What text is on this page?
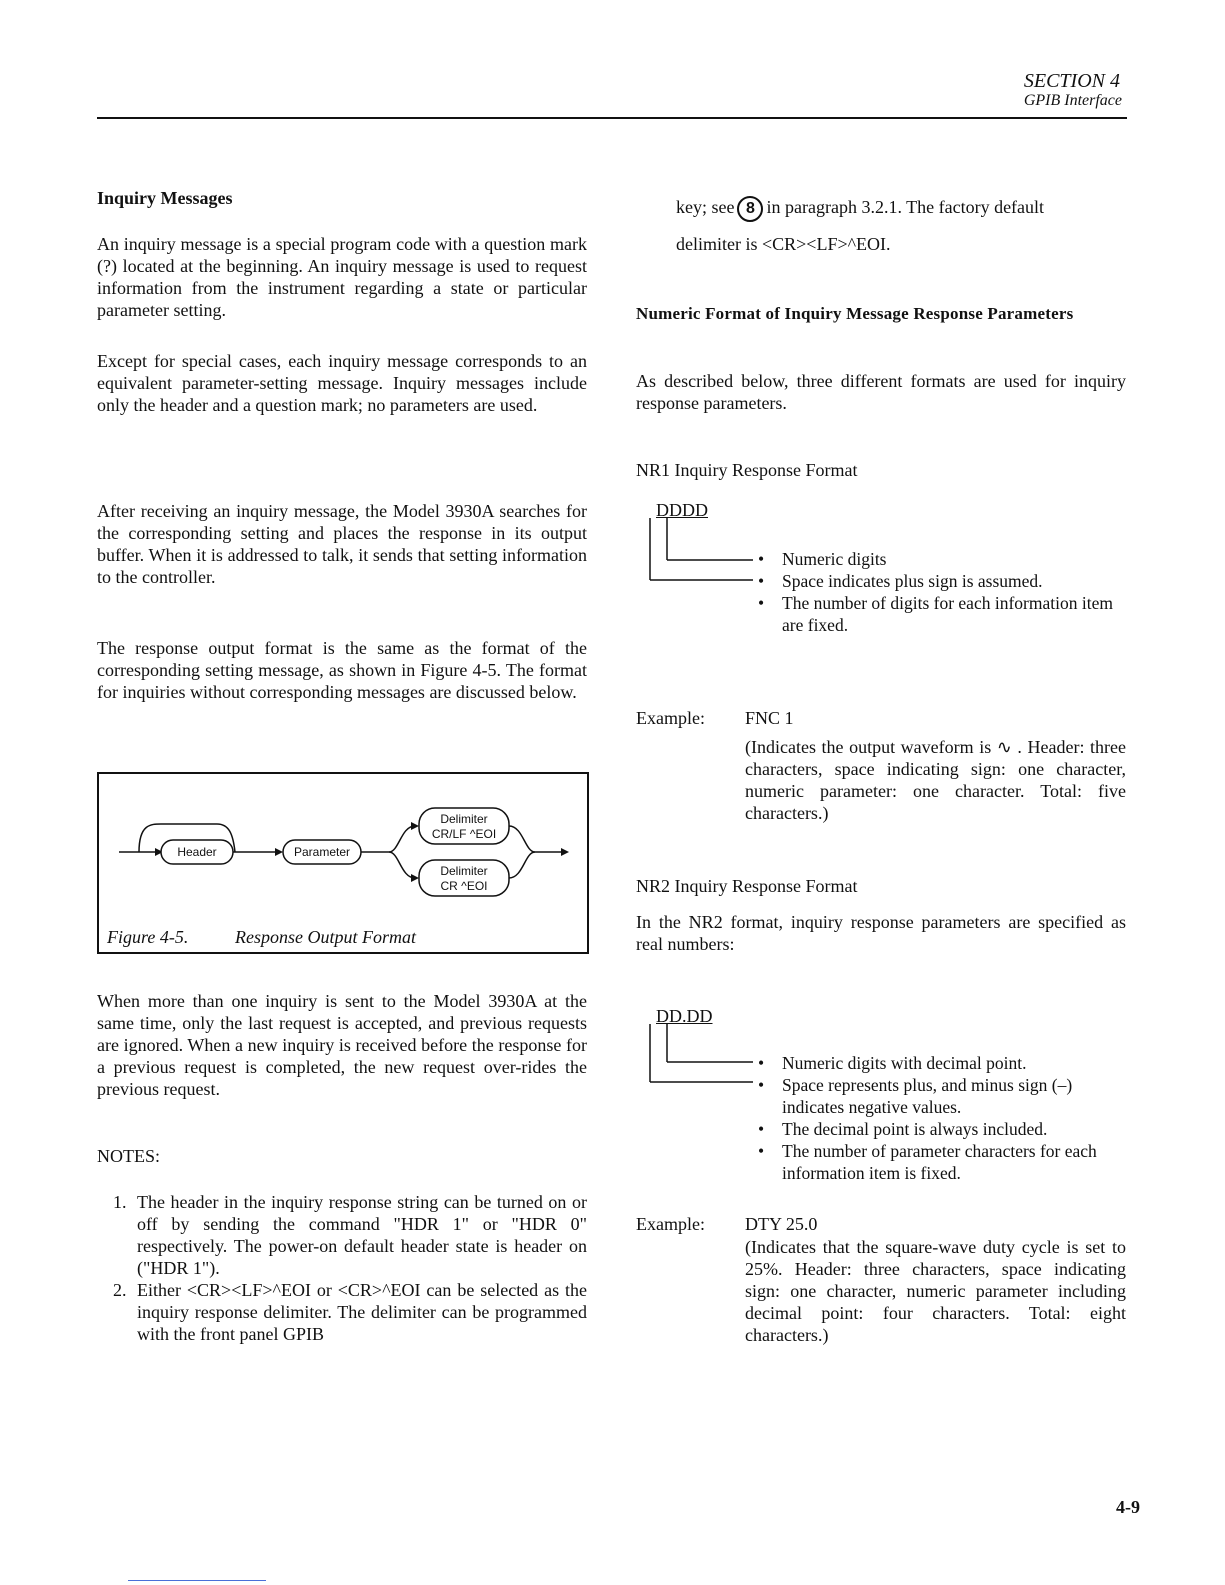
SECTION 4
GPIB Interface
Inquiry Messages
An inquiry message is a special program code with a question mark (?) located at the beginning. An inquiry message is used to request information from the instrument regarding a state or particular parameter setting.
Except for special cases, each inquiry message corresponds to an equivalent parameter-setting message. Inquiry messages include only the header and a question mark; no parameters are used.
After receiving an inquiry message, the Model 3930A searches for the corresponding setting and places the response in its output buffer. When it is addressed to talk, it sends that setting information to the controller.
The response output format is the same as the format of the corresponding setting message, as shown in Figure 4-5. The format for inquiries without corresponding messages are discussed below.
Header	Parameter
Delimiter
CR/LF ^EOI
Delimiter
CR ^EOI
Figure 4-5.	Response Output Format
When more than one inquiry is sent to the Model 3930A at the same time, only the last request is accepted, and previous requests are ignored. When a new inquiry is received before the response for a previous request is completed, the new request over-rides the previous request.
NOTES:
1. The header in the inquiry response string can be turned on or off by sending the command "HDR 1" or "HDR 0" respectively. The power-on default header state is header on ("HDR 1").
2. Either <CR><LF>^EOI or <CR>^EOI can be selected as the inquiry response delimiter. The delimiter can be programmed with the front panel GPIB
key; see 8 in paragraph 3.2.1. The factory default
delimiter is <CR><LF>^EOI.
Numeric Format of Inquiry Message Response Parameters
As described below, three different formats are used for inquiry response parameters.
NR1 Inquiry Response Format
DDDD
• Numeric digits
• Space indicates plus sign is assumed.
• The number of digits for each information item are fixed.
Example: FNC 1
(Indicates the output waveform is ∿ . Header: three characters, space indicating sign: one character, numeric parameter: one character. Total: five characters.)
NR2 Inquiry Response Format
In the NR2 format, inquiry response parameters are specified as real numbers:
DD.DD
• Numeric digits with decimal point.
• Space represents plus, and minus sign (–) indicates negative values.
• The decimal point is always included.
• The number of parameter characters for each information item is fixed.
Example: DTY 25.0
(Indicates that the square-wave duty cycle is set to 25%. Header: three characters, space indicating sign: one character, numeric parameter including decimal point: four characters. Total: eight characters.)
4-9
